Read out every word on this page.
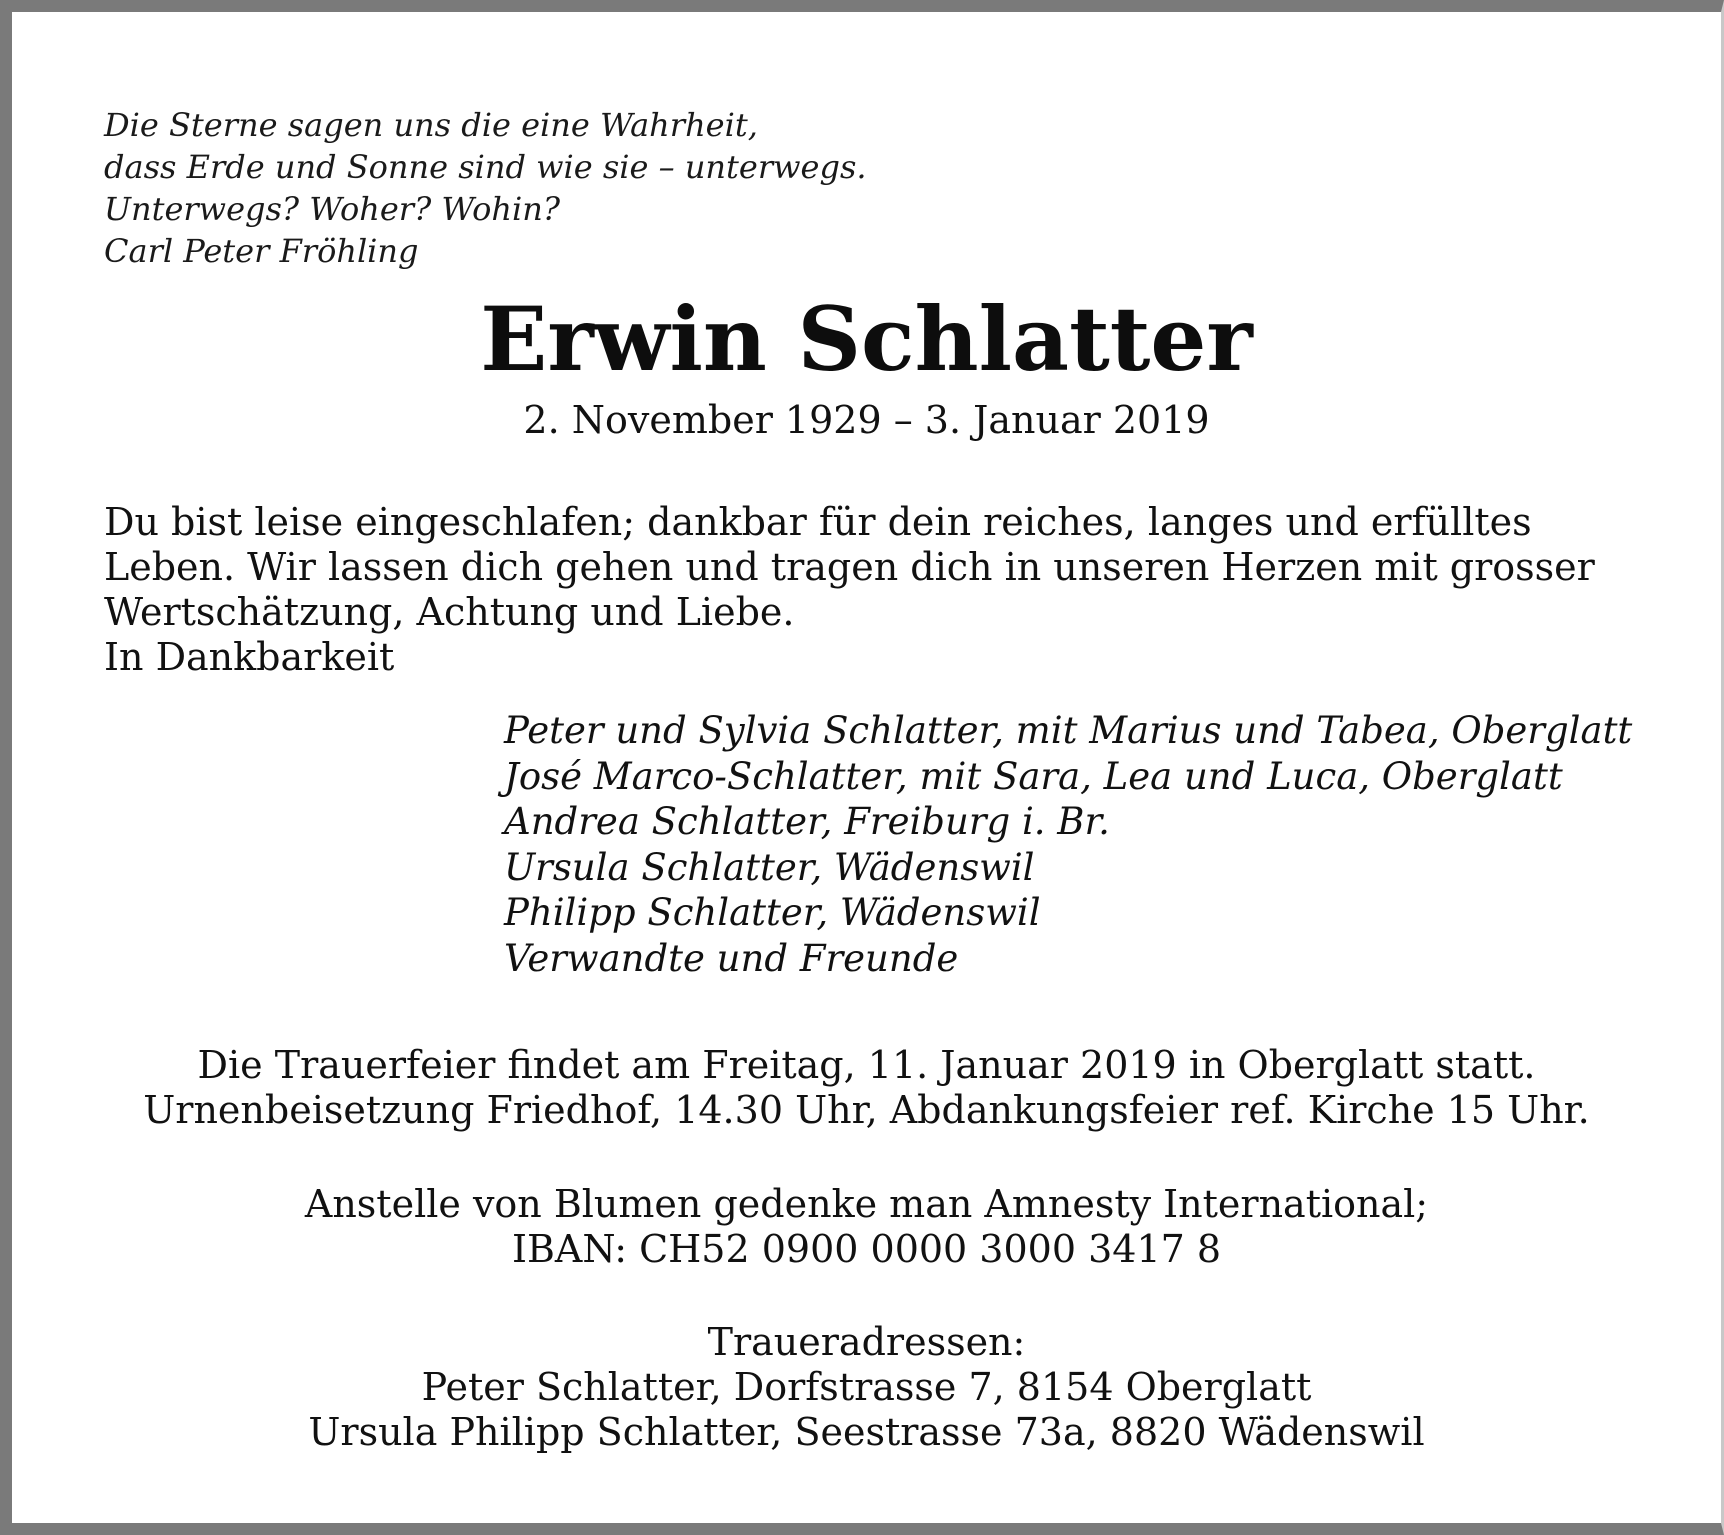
Die Sterne sagen uns die eine Wahrheit,
dass Erde und Sonne sind wie sie – unterwegs.
Unterwegs? Woher? Wohin?
Carl Peter Fröhling
Erwin Schlatter
2. November 1929 – 3. Januar 2019
Du bist leise eingeschlafen; dankbar für dein reiches, langes und erfülltes
Leben. Wir lassen dich gehen und tragen dich in unseren Herzen mit grosser
Wertschätzung, Achtung und Liebe.
In Dankbarkeit
Peter und Sylvia Schlatter, mit Marius und Tabea, Oberglatt
José Marco-Schlatter, mit Sara, Lea und Luca, Oberglatt
Andrea Schlatter, Freiburg i. Br.
Ursula Schlatter, Wädenswil
Philipp Schlatter, Wädenswil
Verwandte und Freunde
Die Trauerfeier findet am Freitag, 11. Januar 2019 in Oberglatt statt.
Urnenbeisetzung Friedhof, 14.30 Uhr, Abdankungsfeier ref. Kirche 15 Uhr.
Anstelle von Blumen gedenke man Amnesty International;
IBAN: CH52 0900 0000 3000 3417 8
Traueradressen:
Peter Schlatter, Dorfstrasse 7, 8154 Oberglatt
Ursula Philipp Schlatter, Seestrasse 73a, 8820 Wädenswil
